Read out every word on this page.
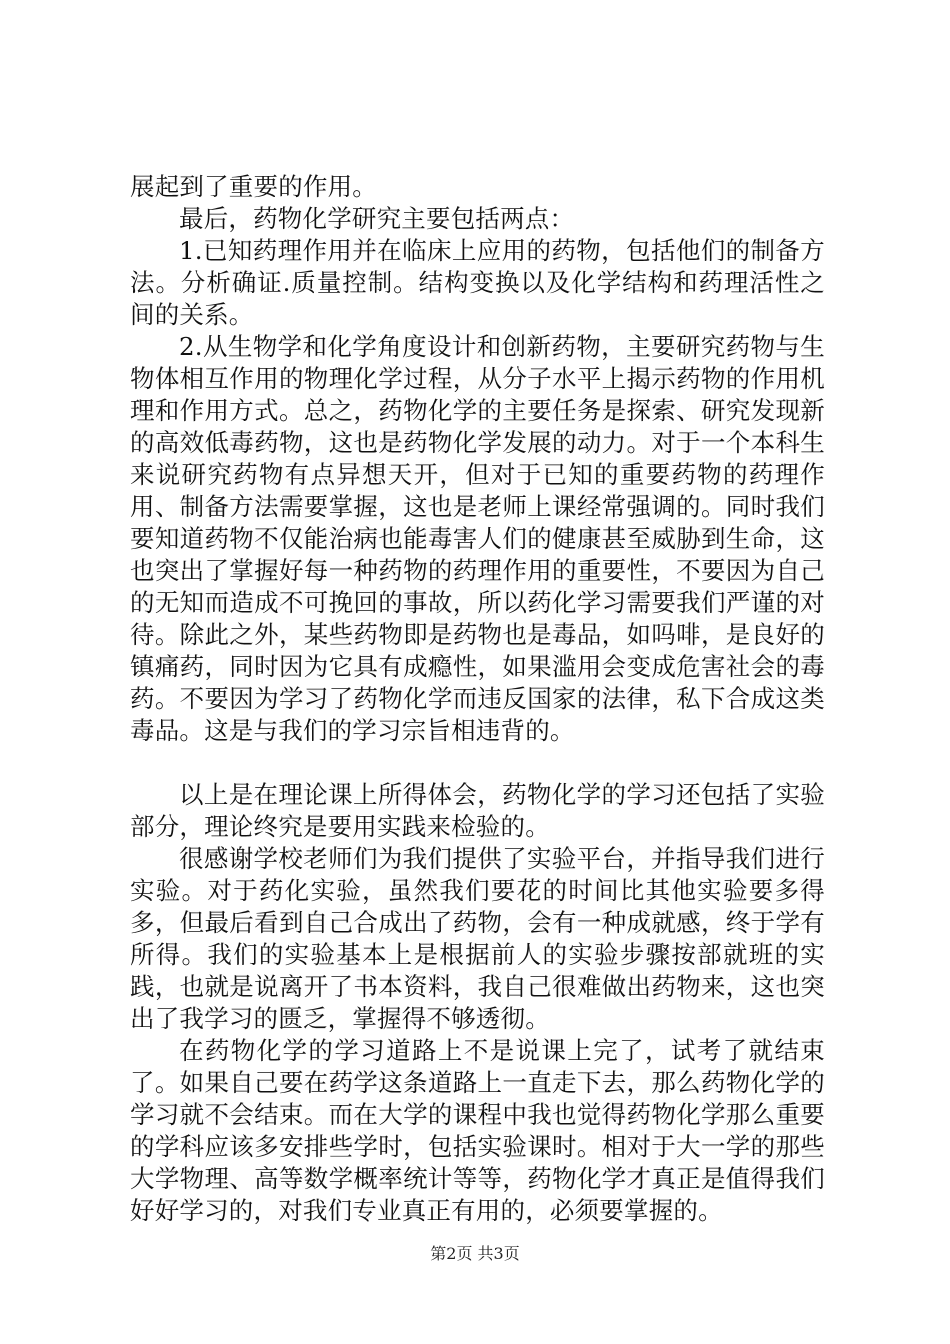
展起到了重要的作用。

最后，药物化学研究主要包括两点：

1.已知药理作用并在临床上应用的药物，包括他们的制备方法。分析确证.质量控制。结构变换以及化学结构和药理活性之间的关系。

2.从生物学和化学角度设计和创新药物，主要研究药物与生物体相互作用的物理化学过程，从分子水平上揭示药物的作用机理和作用方式。总之，药物化学的主要任务是探索、研究发现新的高效低毒药物，这也是药物化学发展的动力。对于一个本科生来说研究药物有点异想天开，但对于已知的重要药物的药理作用、制备方法需要掌握，这也是老师上课经常强调的。同时我们要知道药物不仅能治病也能毒害人们的健康甚至威胁到生命，这也突出了掌握好每一种药物的药理作用的重要性，不要因为自己的无知而造成不可挽回的事故，所以药化学习需要我们严谨的对待。除此之外，某些药物即是药物也是毒品，如吗啡，是良好的镇痛药，同时因为它具有成瘾性，如果滥用会变成危害社会的毒药。不要因为学习了药物化学而违反国家的法律，私下合成这类毒品。这是与我们的学习宗旨相违背的。

以上是在理论课上所得体会，药物化学的学习还包括了实验部分，理论终究是要用实践来检验的。

很感谢学校老师们为我们提供了实验平台，并指导我们进行实验。对于药化实验，虽然我们要花的时间比其他实验要多得多，但最后看到自己合成出了药物，会有一种成就感，终于学有所得。我们的实验基本上是根据前人的实验步骤按部就班的实践，也就是说离开了书本资料，我自己很难做出药物来，这也突出了我学习的匮乏，掌握得不够透彻。

在药物化学的学习道路上不是说课上完了，试考了就结束了。如果自己要在药学这条道路上一直走下去，那么药物化学的学习就不会结束。而在大学的课程中我也觉得药物化学那么重要的学科应该多安排些学时，包括实验课时。相对于大一学的那些大学物理、高等数学概率统计等等，药物化学才真正是值得我们好好学习的，对我们专业真正有用的，必须要掌握的。

第2页 共3页
